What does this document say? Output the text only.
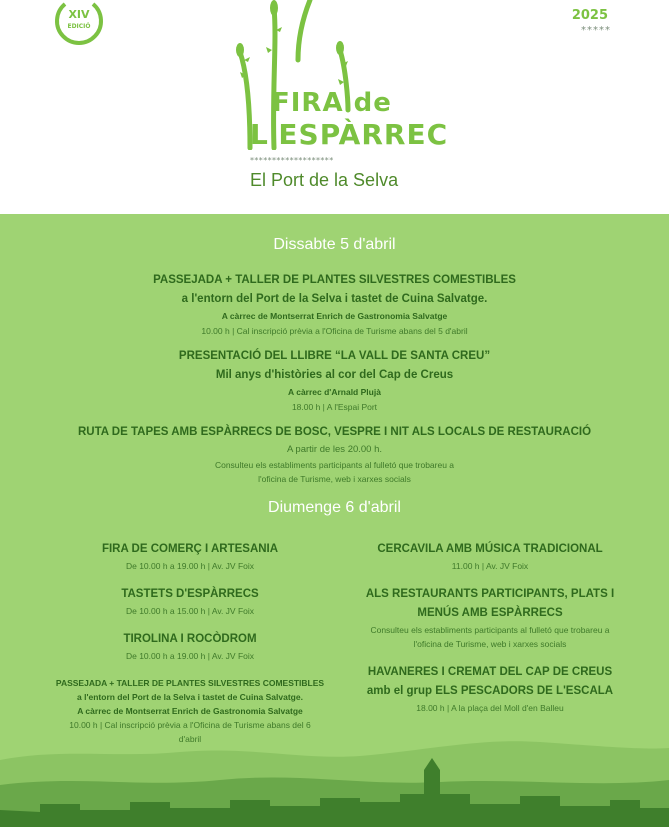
XIV
EDICIÓ
2025
*****
FIRA de
L'ESPÀRREC
*******************
El Port de la Selva
Dissabte 5 d'abril
PASSEJADA + TALLER DE PLANTES SILVESTRES COMESTIBLES
a l'entorn del Port de la Selva i tastet de Cuina Salvatge.
A càrrec de Montserrat Enrich de Gastronomia Salvatge
10.00 h | Cal inscripció prèvia a l'Oficina de Turisme abans del 5 d'abril
PRESENTACIÓ DEL LLIBRE “LA VALL DE SANTA CREU”
Mil anys d'històries al cor del Cap de Creus
A càrrec d'Arnald Plujà
18.00 h | A l'Espai Port
RUTA DE TAPES AMB ESPÀRRECS DE BOSC, VESPRE I NIT ALS LOCALS DE RESTAURACIÓ
A partir de les 20.00 h.
Consulteu els establiments participants al fulletó que trobareu a
l'oficina de Turisme, web i xarxes socials
Diumenge 6 d'abril
FIRA DE COMERÇ I ARTESANIA
De 10.00 h a 19.00 h | Av. JV Foix
TASTETS D'ESPÀRRECS
De 10.00 h a 15.00 h | Av. JV Foix
TIROLINA I ROCÒDROM
De 10.00 h a 19.00 h | Av. JV Foix
PASSEJADA + TALLER DE PLANTES SILVESTRES COMESTIBLES
a l'entorn del Port de la Selva i tastet de Cuina Salvatge.
A càrrec de Montserrat Enrich de Gastronomia Salvatge
10.00 h | Cal inscripció prèvia a l'Oficina de Turisme abans del 6
d'abril
CERCAVILA AMB MÚSICA TRADICIONAL
11.00 h | Av. JV Foix
ALS RESTAURANTS PARTICIPANTS, PLATS I
MENÚS AMB ESPÀRRECS
Consulteu els establiments participants al fulletó que trobareu a
l'oficina de Turisme, web i xarxes socials
HAVANERES I CREMAT DEL CAP DE CREUS
amb el grup ELS PESCADORS DE L'ESCALA
18.00 h | A la plaça del Moll d'en Balleu
